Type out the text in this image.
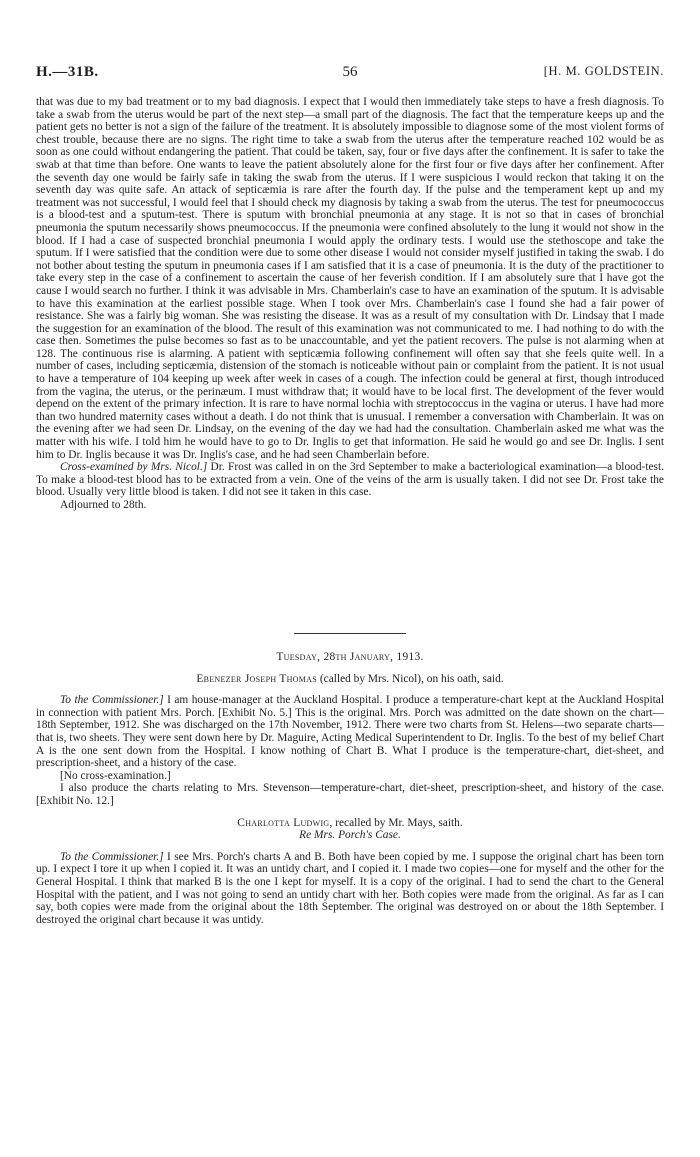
H.—31B.	56	[H. M. GOLDSTEIN.

that was due to my bad treatment or to my bad diagnosis. I expect that I would then immediately take steps to have a fresh diagnosis. To take a swab from the uterus would be part of the next step—a small part of the diagnosis. The fact that the temperature keeps up and the patient gets no better is not a sign of the failure of the treatment. It is absolutely impossible to diagnose some of the most violent forms of chest trouble, because there are no signs. The right time to take a swab from the uterus after the temperature reached 102 would be as soon as one could without endangering the patient. That could be taken, say, four or five days after the confinement. It is safer to take the swab at that time than before. One wants to leave the patient absolutely alone for the first four or five days after her confinement. After the seventh day one would be fairly safe in taking the swab from the uterus. If I were suspicious I would reckon that taking it on the seventh day was quite safe. An attack of septicæmia is rare after the fourth day. If the pulse and the temperament kept up and my treatment was not successful, I would feel that I should check my diagnosis by taking a swab from the uterus. The test for pneumococcus is a blood-test and a sputum-test. There is sputum with bronchial pneumonia at any stage. It is not so that in cases of bronchial pneumonia the sputum necessarily shows pneumococcus. If the pneumonia were confined absolutely to the lung it would not show in the blood. If I had a case of suspected bronchial pneumonia I would apply the ordinary tests. I would use the stethoscope and take the sputum. If I were satisfied that the condition were due to some other disease I would not consider myself justified in taking the swab. I do not bother about testing the sputum in pneumonia cases if I am satisfied that it is a case of pneumonia. It is the duty of the practitioner to take every step in the case of a confinement to ascertain the cause of her feverish condition. If I am absolutely sure that I have got the cause I would search no further. I think it was advisable in Mrs. Chamberlain's case to have an examination of the sputum. It is advisable to have this examination at the earliest possible stage. When I took over Mrs. Chamberlain's case I found she had a fair power of resistance. She was a fairly big woman. She was resisting the disease. It was as a result of my consultation with Dr. Lindsay that I made the suggestion for an examination of the blood. The result of this examination was not communicated to me. I had nothing to do with the case then. Sometimes the pulse becomes so fast as to be unaccountable, and yet the patient recovers. The pulse is not alarming when at 128. The continuous rise is alarming. A patient with septicæmia following confinement will often say that she feels quite well. In a number of cases, including septicæmia, distension of the stomach is noticeable without pain or complaint from the patient. It is not usual to have a temperature of 104 keeping up week after week in cases of a cough. The infection could be general at first, though introduced from the vagina, the uterus, or the perinæum. I must withdraw that; it would have to be local first. The development of the fever would depend on the extent of the primary infection. It is rare to have normal lochia with streptococcus in the vagina or uterus. I have had more than two hundred maternity cases without a death. I do not think that is unusual. I remember a conversation with Chamberlain. It was on the evening after we had seen Dr. Lindsay, on the evening of the day we had had the consultation. Chamberlain asked me what was the matter with his wife. I told him he would have to go to Dr. Inglis to get that information. He said he would go and see Dr. Inglis. I sent him to Dr. Inglis because it was Dr. Inglis's case, and he had seen Chamberlain before.

Cross-examined by Mrs. Nicol.] Dr. Frost was called in on the 3rd September to make a bacteriological examination—a blood-test. To make a blood-test blood has to be extracted from a vein. One of the veins of the arm is usually taken. I did not see Dr. Frost take the blood. Usually very little blood is taken. I did not see it taken in this case.

Adjourned to 28th.

Tuesday, 28th January, 1913.

Ebenezer Joseph Thomas (called by Mrs. Nicol), on his oath, said.

To the Commissioner.] I am house-manager at the Auckland Hospital. I produce a temperature-chart kept at the Auckland Hospital in connection with patient Mrs. Porch. [Exhibit No. 5.] This is the original. Mrs. Porch was admitted on the date shown on the chart—18th September, 1912. She was discharged on the 17th November, 1912. There were two charts from St. Helens—two separate charts—that is, two sheets. They were sent down here by Dr. Maguire, Acting Medical Superintendent to Dr. Inglis. To the best of my belief Chart A is the one sent down from the Hospital. I know nothing of Chart B. What I produce is the temperature-chart, diet-sheet, and prescription-sheet, and a history of the case.

[No cross-examination.]

I also produce the charts relating to Mrs. Stevenson—temperature-chart, diet-sheet, prescription-sheet, and history of the case. [Exhibit No. 12.]

Charlotta Ludwig, recalled by Mr. Mays, saith.

Re Mrs. Porch's Case.

To the Commissioner.] I see Mrs. Porch's charts A and B. Both have been copied by me. I suppose the original chart has been torn up. I expect I tore it up when I copied it. It was an untidy chart, and I copied it. I made two copies—one for myself and the other for the General Hospital. I think that marked B is the one I kept for myself. It is a copy of the original. I had to send the chart to the General Hospital with the patient, and I was not going to send an untidy chart with her. Both copies were made from the original. As far as I can say, both copies were made from the original about the 18th September. The original was destroyed on or about the 18th September. I destroyed the original chart because it was untidy.
